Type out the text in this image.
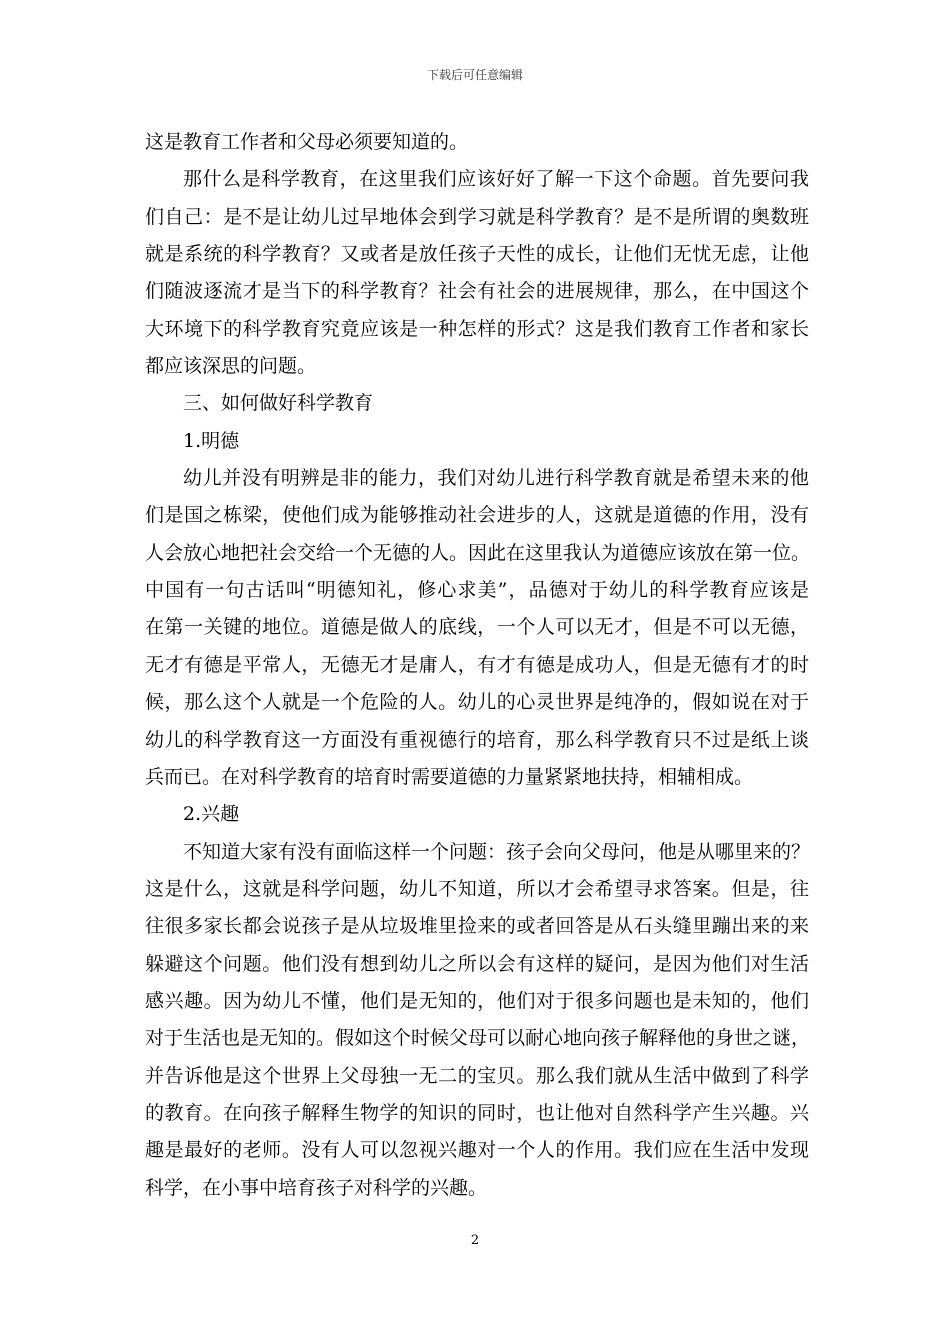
下载后可任意编辑
这是教育工作者和父母必须要知道的。
那什么是科学教育，在这里我们应该好好了解一下这个命题。首先要问我
们自己：是不是让幼儿过早地体会到学习就是科学教育？是不是所谓的奥数班
就是系统的科学教育？又或者是放任孩子天性的成长，让他们无忧无虑，让他
们随波逐流才是当下的科学教育？社会有社会的进展规律，那么，在中国这个
大环境下的科学教育究竟应该是一种怎样的形式？这是我们教育工作者和家长
都应该深思的问题。
三、如何做好科学教育
1.明德
幼儿并没有明辨是非的能力，我们对幼儿进行科学教育就是希望未来的他
们是国之栋梁，使他们成为能够推动社会进步的人，这就是道德的作用，没有
人会放心地把社会交给一个无德的人。因此在这里我认为道德应该放在第一位。
中国有一句古话叫“明德知礼，修心求美”，品德对于幼儿的科学教育应该是
在第一关键的地位。道德是做人的底线，一个人可以无才，但是不可以无德，
无才有德是平常人，无德无才是庸人，有才有德是成功人，但是无德有才的时
候，那么这个人就是一个危险的人。幼儿的心灵世界是纯净的，假如说在对于
幼儿的科学教育这一方面没有重视德行的培育，那么科学教育只不过是纸上谈
兵而已。在对科学教育的培育时需要道德的力量紧紧地扶持，相辅相成。
2.兴趣
不知道大家有没有面临这样一个问题：孩子会向父母问，他是从哪里来的？
这是什么，这就是科学问题，幼儿不知道，所以才会希望寻求答案。但是，往
往很多家长都会说孩子是从垃圾堆里捡来的或者回答是从石头缝里蹦出来的来
躲避这个问题。他们没有想到幼儿之所以会有这样的疑问，是因为他们对生活
感兴趣。因为幼儿不懂，他们是无知的，他们对于很多问题也是未知的，他们
对于生活也是无知的。假如这个时候父母可以耐心地向孩子解释他的身世之谜，
并告诉他是这个世界上父母独一无二的宝贝。那么我们就从生活中做到了科学
的教育。在向孩子解释生物学的知识的同时，也让他对自然科学产生兴趣。兴
趣是最好的老师。没有人可以忽视兴趣对一个人的作用。我们应在生活中发现
科学，在小事中培育孩子对科学的兴趣。
2
